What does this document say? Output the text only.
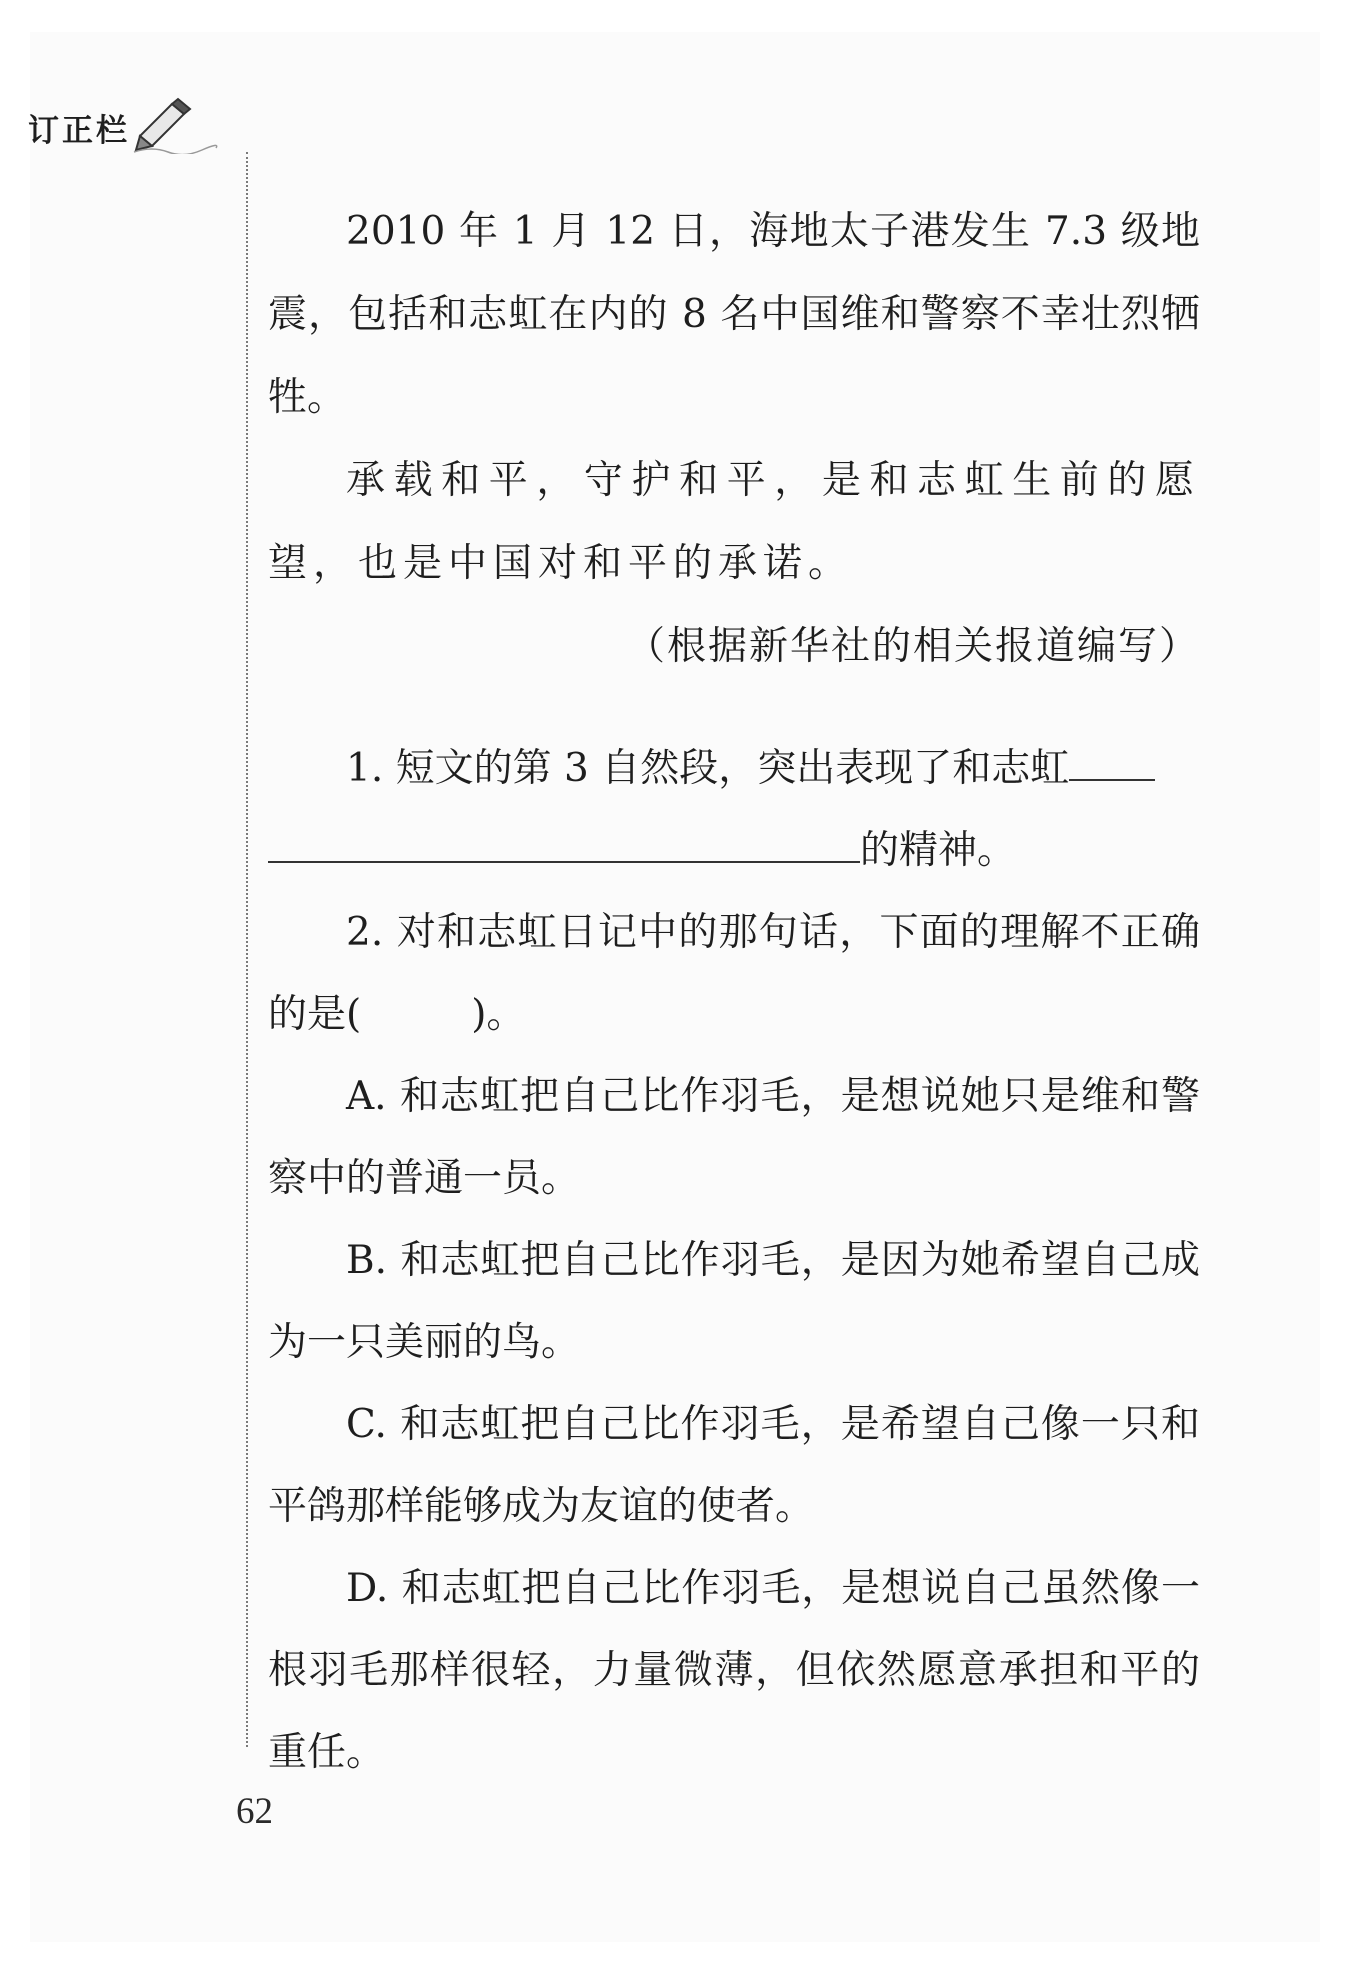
订正栏

2010 年 1 月 12 日，海地太子港发生 7.3 级地震，包括和志虹在内的 8 名中国维和警察不幸壮烈牺牲。

承载和平，守护和平，是和志虹生前的愿望，也是中国对和平的承诺。

（根据新华社的相关报道编写）

1. 短文的第 3 自然段，突出表现了和志虹
的精神。

2. 对和志虹日记中的那句话，下面的理解不正确的是(	)。

A. 和志虹把自己比作羽毛，是想说她只是维和警察中的普通一员。

B. 和志虹把自己比作羽毛，是因为她希望自己成为一只美丽的鸟。

C. 和志虹把自己比作羽毛，是希望自己像一只和平鸽那样能够成为友谊的使者。

D. 和志虹把自己比作羽毛，是想说自己虽然像一根羽毛那样很轻，力量微薄，但依然愿意承担和平的重任。

62
